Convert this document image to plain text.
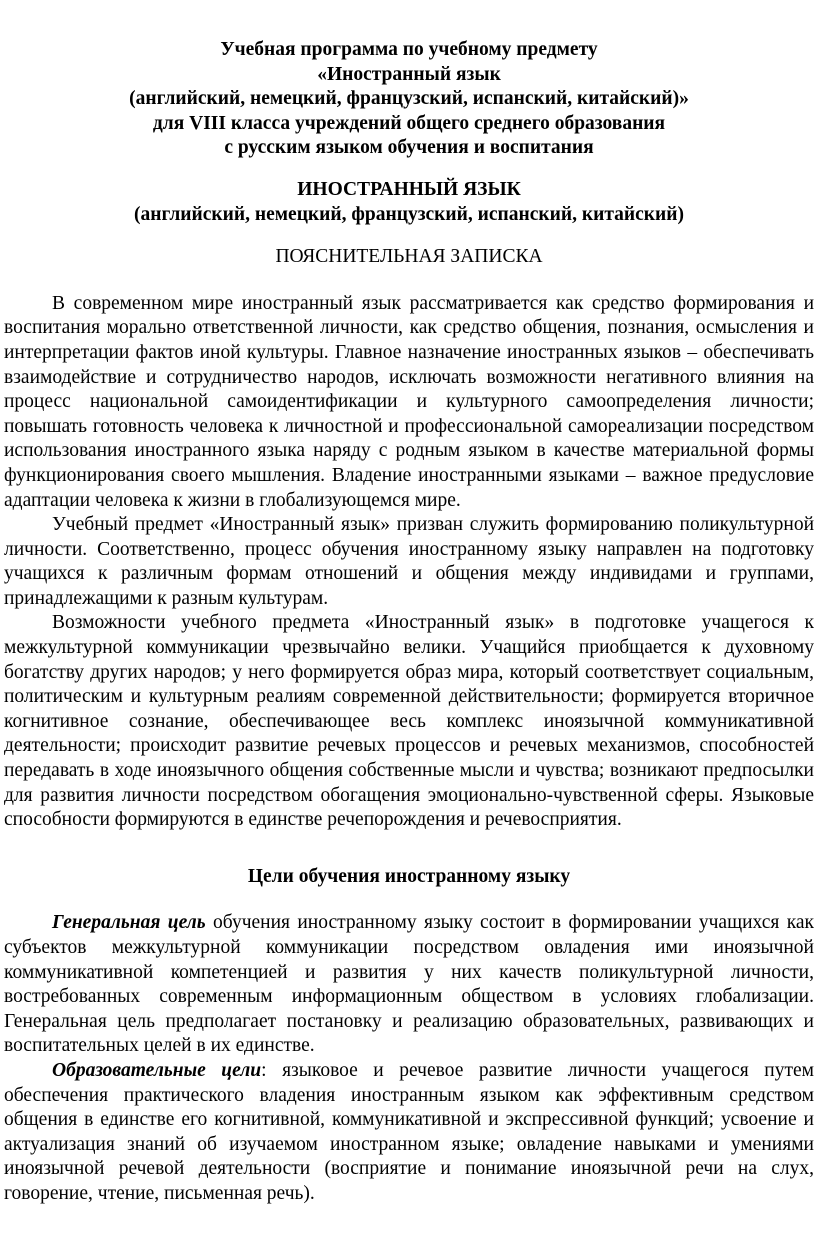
Учебная программа по учебному предмету
«Иностранный язык
(английский, немецкий, французский, испанский, китайский)»
для VIII класса учреждений общего среднего образования
с русским языком обучения и воспитания
ИНОСТРАННЫЙ ЯЗЫК
(английский, немецкий, французский, испанский, китайский)
ПОЯСНИТЕЛЬНАЯ ЗАПИСКА

В современном мире иностранный язык рассматривается как средство формирования и воспитания морально ответственной личности, как средство общения, познания, осмысления и интерпретации фактов иной культуры. Главное назначение иностранных языков – обеспечивать взаимодействие и сотрудничество народов, исключать возможности негативного влияния на процесс национальной самоидентификации и культурного самоопределения личности; повышать готовность человека к личностной и профессиональной самореализации посредством использования иностранного языка наряду с родным языком в качестве материальной формы функционирования своего мышления. Владение иностранными языками – важное предусловие адаптации человека к жизни в глобализующемся мире.

Учебный предмет «Иностранный язык» призван служить формированию поликультурной личности. Соответственно, процесс обучения иностранному языку направлен на подготовку учащихся к различным формам отношений и общения между индивидами и группами, принадлежащими к разным культурам.

Возможности учебного предмета «Иностранный язык» в подготовке учащегося к межкультурной коммуникации чрезвычайно велики. Учащийся приобщается к духовному богатству других народов; у него формируется образ мира, который соответствует социальным, политическим и культурным реалиям современной действительности; формируется вторичное когнитивное сознание, обеспечивающее весь комплекс иноязычной коммуникативной деятельности; происходит развитие речевых процессов и речевых механизмов, способностей передавать в ходе иноязычного общения собственные мысли и чувства; возникают предпосылки для развития личности посредством обогащения эмоционально-чувственной сферы. Языковые способности формируются в единстве речепорождения и речевосприятия.

Цели обучения иностранному языку

Генеральная цель обучения иностранному языку состоит в формировании учащихся как субъектов межкультурной коммуникации посредством овладения ими иноязычной коммуникативной компетенцией и развития у них качеств поликультурной личности, востребованных современным информационным обществом в условиях глобализации. Генеральная цель предполагает постановку и реализацию образовательных, развивающих и воспитательных целей в их единстве.

Образовательные цели: языковое и речевое развитие личности учащегося путем обеспечения практического владения иностранным языком как эффективным средством общения в единстве его когнитивной, коммуникативной и экспрессивной функций; усвоение и актуализация знаний об изучаемом иностранном языке; овладение навыками и умениями иноязычной речевой деятельности (восприятие и понимание иноязычной речи на слух, говорение, чтение, письменная речь).
